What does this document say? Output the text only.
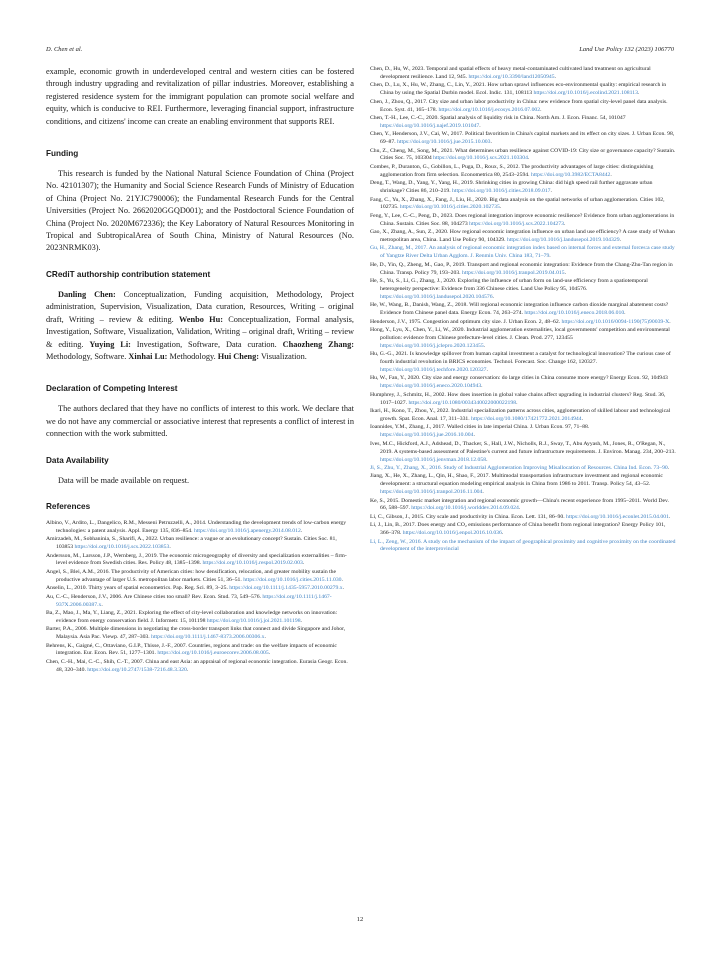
D. Chen et al.	Land Use Policy 132 (2023) 106770

example, economic growth in underdeveloped central and western cities can be fostered through industry upgrading and revitalization of pillar industries. Moreover, establishing a registered residence system for the immigrant population can promote social welfare and equity, which is conducive to REI. Furthermore, leveraging financial support, infrastructure conditions, and citizens' income can create an enabling environment that supports REI.

Funding

This research is funded by the National Natural Science Foundation of China (Project No. 42101307); the Humanity and Social Science Research Funds of Ministry of Education of China (Project No. 21YJC790006); the Fundamental Research Funds for the Central Universities (Project No. 2662020GGQD001); and the Postdoctoral Science Foundation of China (Project No. 2020M672336); the Key Laboratory of Natural Resources Monitoring in Tropical and SubtropicalArea of South China, Ministry of Natural Resources (No. 2023NRMK03).

CRediT authorship contribution statement

Danling Chen: Conceptualization, Funding acquisition, Methodology, Project administration, Supervision, Visualization, Data curation, Resources, Writing – original draft, Writing – review & editing. Wenbo Hu: Conceptualization, Formal analysis, Investigation, Software, Visualization, Validation, Writing – original draft, Writing – review & editing. Yuying Li: Investigation, Software, Data curation. Chaozheng Zhang: Methodology, Software. Xinhai Lu: Methodology. Hui Cheng: Visualization.

Declaration of Competing Interest

The authors declared that they have no conflicts of interest to this work. We declare that we do not have any commercial or associative interest that represents a conflict of interest in connection with the work submitted.

Data Availability

Data will be made available on request.

References

Albino, V., Ardito, L., Dangelico, R.M., Messeni Petruzzelli, A., 2014. Understanding the development trends of low-carbon energy technologies: a patent analysis. Appl. Energy 135, 836–854. https://doi.org/10.1016/j.apenergy.2014.08.012.

Amirzadeh, M., Sobhaninia, S., Sharifi, A., 2022. Urban resilience: a vague or an evolutionary concept? Sustain. Cities Soc. 81, 103853 https://doi.org/10.1016/j.scs.2022.103853.

Andersson, M., Larsson, J.P., Wernberg, J., 2019. The economic microgeography of diversity and specialization externalities – firm-level evidence from Swedish cities. Res. Policy 48, 1385–1398. https://doi.org/10.1016/j.respol.2019.02.003.

Angel, S., Blei, A.M., 2016. The productivity of American cities: how densification, relocation, and greater mobility sustain the productive advantage of larger U.S. metropolitan labor markets. Cities 51, 36–51. https://doi.org/10.1016/j.cities.2015.11.030.

Anselin, L., 2010. Thirty years of spatial econometrics. Pap. Reg. Sci. 89, 3–25. https://doi.org/10.1111/j.1435-5957.2010.00279.x.

Au, C.-C., Henderson, J.V., 2006. Are Chinese cities too small? Rev. Econ. Stud. 73, 549–576. https://doi.org/10.1111/j.1467-937X.2006.00387.x.

Ba, Z., Mao, J., Ma, Y., Liang, Z., 2021. Exploring the effect of city-level collaboration and knowledge networks on innovation: evidence from energy conservation field. J. Informetr. 15, 101198 https://doi.org/10.1016/j.joi.2021.101198.

Barter, P.A., 2006. Multiple dimensions in negotiating the cross-border transport links that connect and divide Singapore and Johor, Malaysia. Asia Pac. Viewp. 47, 287–303. https://doi.org/10.1111/j.1467-8373.2006.00306.x.

Behrens, K., Gaigné, C., Ottaviano, G.I.P., Thisse, J.-F., 2007. Countries, regions and trade: on the welfare impacts of economic integration. Eur. Econ. Rev. 51, 1277–1301. https://doi.org/10.1016/j.euroecorev.2006.08.005.

Chen, C.-H., Mai, C.-C., Shih, C.-T., 2007. China and east Asia: an appraisal of regional economic integration. Eurasia Geogr. Econ. 48, 320–340. https://doi.org/10.2747/1538-7216.48.3.320.

Chen, D., Hu, W., 2023. Temporal and spatial effects of heavy metal-contaminated cultivated land treatment on agricultural development resilience. Land 12, 945. https://doi.org/10.3390/land12050945.

Chen, D., Lu, X., Hu, W., Zhang, C., Lin, Y., 2021. How urban sprawl influences eco-environmental quality: empirical research in China by using the Spatial Durbin model. Ecol. Indic. 131, 108113 https://doi.org/10.1016/j.ecolind.2021.108113.

Chen, J., Zhou, Q., 2017. City size and urban labor productivity in China: new evidence from spatial city-level panel data analysis. Econ. Syst. 41, 165–178. https://doi.org/10.1016/j.ecosys.2016.07.002.

Chen, T.-H., Lee, C.-C., 2020. Spatial analysis of liquidity risk in China. North Am. J. Econ. Financ. 54, 101047 https://doi.org/10.1016/j.najef.2019.101047.

Chen, Y., Henderson, J.V., Cai, W., 2017. Political favoritism in China's capital markets and its effect on city sizes. J. Urban Econ. 98, 69–87. https://doi.org/10.1016/j.jue.2015.10.003.

Chu, Z., Cheng, M., Song, M., 2021. What determines urban resilience against COVID-19: City size or governance capacity? Sustain. Cities Soc. 75, 103304 https://doi.org/10.1016/j.scs.2021.103304.

Combes, P., Duranton, G., Gobillon, L., Puga, D., Roux, S., 2012. The productivity advantages of large cities: distinguishing agglomeration from firm selection. Econometrica 80, 2543–2594. https://doi.org/10.3982/ECTA8442.

Deng, T., Wang, D., Yang, Y., Yang, H., 2019. Shrinking cities in growing China: did high speed rail further aggravate urban shrinkage? Cities 86, 210–219. https://doi.org/10.1016/j.cities.2018.09.017.

Fang, C., Yu, X., Zhang, X., Fang, J., Liu, H., 2020. Big data analysis on the spatial networks of urban agglomeration. Cities 102, 102735. https://doi.org/10.1016/j.cities.2020.102735.

Feng, Y., Lee, C.-C., Peng, D., 2023. Does regional integration improve economic resilience? Evidence from urban agglomerations in China. Sustain. Cities Soc. 88, 104273 https://doi.org/10.1016/j.scs.2022.104273.

Gao, X., Zhang, A., Sun, Z., 2020. How regional economic integration influence on urban land use efficiency? A case study of Wuhan metropolitan area, China. Land Use Policy 90, 104329. https://doi.org/10.1016/j.landusepol.2019.104329.

Gu, H., Zhang, M., 2017. An analysis of regional economic integration index based on internal forces and external forces:a case study of Yangtze River Delta Urban Agglom. J. Renmin Univ. China 183, 71–79.

He, D., Yin, Q., Zheng, M., Gao, P., 2019. Transport and regional economic integration: Evidence from the Chang-Zhu-Tan region in China. Transp. Policy 79, 193–203. https://doi.org/10.1016/j.tranpol.2019.04.015.

He, S., Yu, S., Li, G., Zhang, J., 2020. Exploring the influence of urban form on land-use efficiency from a spatiotemporal heterogeneity perspective: Evidence from 336 Chinese cities. Land Use Policy 95, 104576. https://doi.org/10.1016/j.landusepol.2020.104576.

He, W., Wang, B., Danish, Wang, Z., 2018. Will regional economic integration influence carbon dioxide marginal abatement costs? Evidence from Chinese panel data. Energy Econ. 74, 263–274. https://doi.org/10.1016/j.eneco.2018.06.010.

Henderson, J.V., 1975. Congestion and optimum city size. J. Urban Econ. 2, 48–62. https://doi.org/10.1016/0094-1190(75)90039-X.

Hong, Y., Lyu, X., Chen, Y., Li, W., 2020. Industrial agglomeration externalities, local governments' competition and environmental pollution: evidence from Chinese prefecture-level cities. J. Clean. Prod. 277, 123455 https://doi.org/10.1016/j.jclepro.2020.123455.

Hu, G.-G., 2021. Is knowledge spillover from human capital investment a catalyst for technological innovation? The curious case of fourth industrial revolution in BRICS economies. Technol. Forecast. Soc. Change 162, 120327. https://doi.org/10.1016/j.techfore.2020.120327.

Hu, W., Fan, Y., 2020. City size and energy conservation: do large cities in China consume more energy? Energy Econ. 92, 104943 https://doi.org/10.1016/j.eneco.2020.104943.

Humphrey, J., Schmitz, H., 2002. How does insertion in global value chains affect upgrading in industrial clusters? Reg. Stud. 36, 1017–1027. https://doi.org/10.1080/0034340022000022198.

Ikari, H., Kono, T., Zhou, Y., 2022. Industrial specialization patterns across cities, agglomeration of skilled labour and technological growth. Spat. Econ. Anal. 17, 311–331. https://doi.org/10.1080/17421772.2021.2014944.

Ioannides, Y.M., Zhang, J., 2017. Walled cities in late imperial China. J. Urban Econ. 97, 71–88. https://doi.org/10.1016/j.jue.2016.10.004.

Ives, M.C., Hickford, A.J., Adshead, D., Thacker, S., Hall, J.W., Nicholls, R.J., Sway, T., Abu Ayyash, M., Jones, R., O'Regan, N., 2019. A systems-based assessment of Palestine's current and future infrastructure requirements. J. Environ. Manag. 234, 200–213. https://doi.org/10.1016/j.jenvman.2018.12.058.

Ji, S., Zhu, Y., Zhang, X., 2016. Study of Industrial Agglomeration Improving Misallocation of Resources. China Ind. Econ. 73–90.

Jiang, X., He, X., Zhang, L., Qin, H., Shao, F., 2017. Multimodal transportation infrastructure investment and regional economic development: a structural equation modeling empirical analysis in China from 1986 to 2011. Transp. Policy 54, 43–52. https://doi.org/10.1016/j.tranpol.2016.11.004.

Ke, S., 2015. Domestic market integration and regional economic growth—China's recent experience from 1995–2011. World Dev. 66, 588–597. https://doi.org/10.1016/j.worlddev.2014.09.024.

Li, C., Gibson, J., 2015. City scale and productivity in China. Econ. Lett. 131, 86–90. https://doi.org/10.1016/j.econlet.2015.04.001.

Li, J., Lin, B., 2017. Does energy and CO₂ emissions performance of China benefit from regional integration? Energy Policy 101, 366–378. https://doi.org/10.1016/j.enpol.2016.10.036.

Li, L., Zeng, W., 2016. A study on the mechanism of the impact of geographical proximity and cognitive proximity on the coordinated development of the interprovincial

12
